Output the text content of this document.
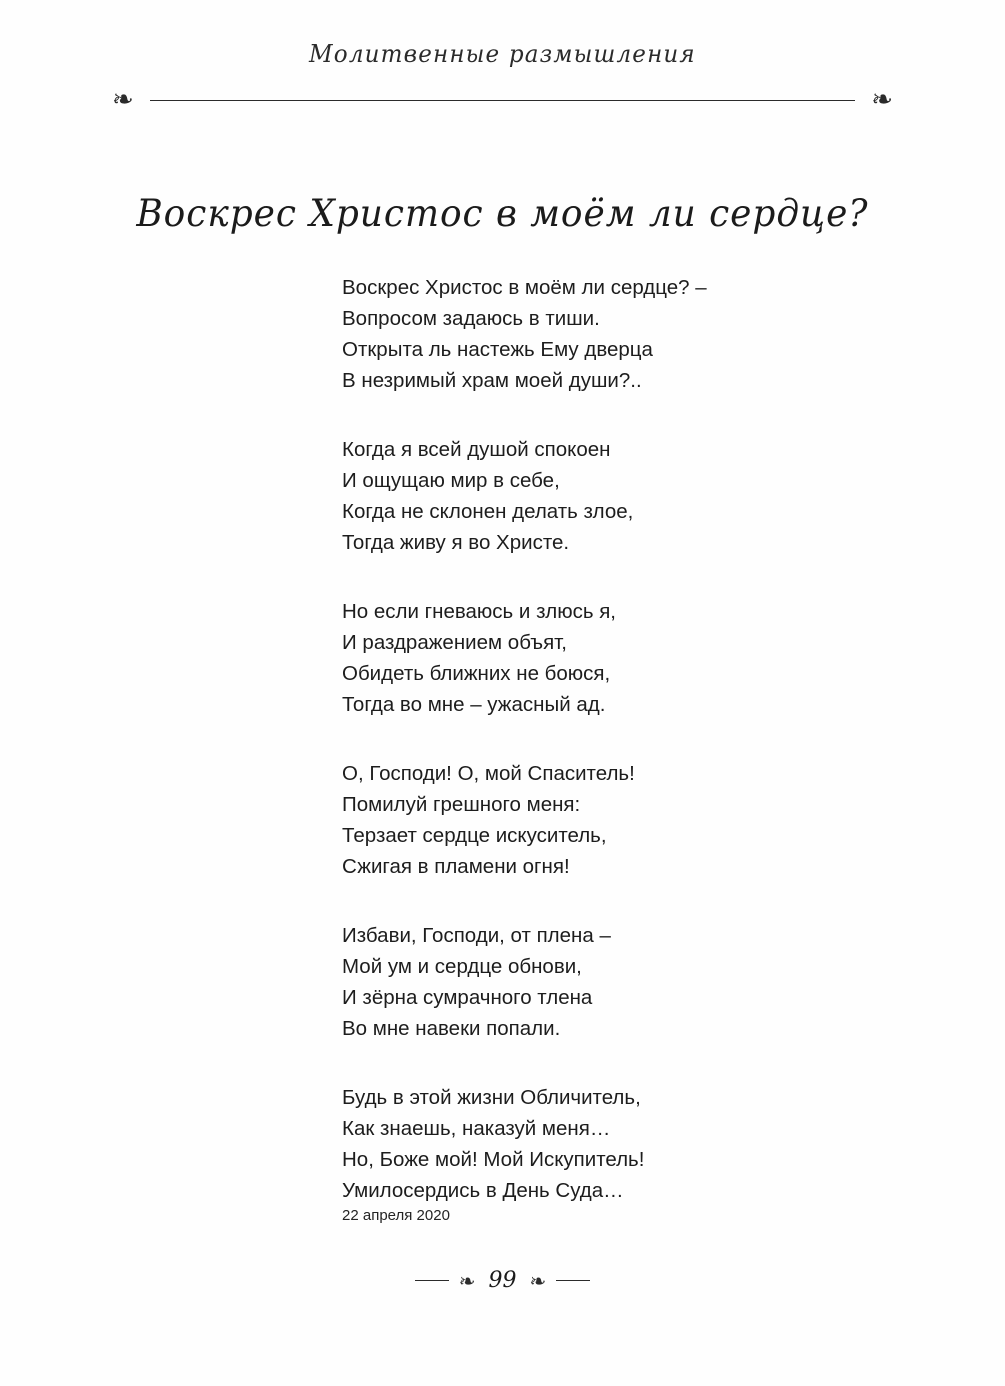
Молитвенные размышления
❧	❧
Воскрес Христос в моём ли сердце?
Воскрес Христос в моём ли сердце? –
Вопросом задаюсь в тиши.
Открыта ль настежь Ему дверца
В незримый храм моей души?..
Когда я всей душой спокоен
И ощущаю мир в себе,
Когда не склонен делать злое,
Тогда живу я во Христе.
Но если гневаюсь и злюсь я,
И раздражением объят,
Обидеть ближних не боюся,
Тогда во мне – ужасный ад.
О, Господи! О, мой Спаситель!
Помилуй грешного меня:
Терзает сердце искуситель,
Сжигая в пламени огня!
Избави, Господи, от плена –
Мой ум и сердце обнови,
И зёрна сумрачного тлена
Во мне навеки попали.
Будь в этой жизни Обличитель,
Как знаешь, наказуй меня…
Но, Боже мой! Мой Искупитель!
Умилосердись в День Суда…
22 апреля 2020
❧ 99 ❧
